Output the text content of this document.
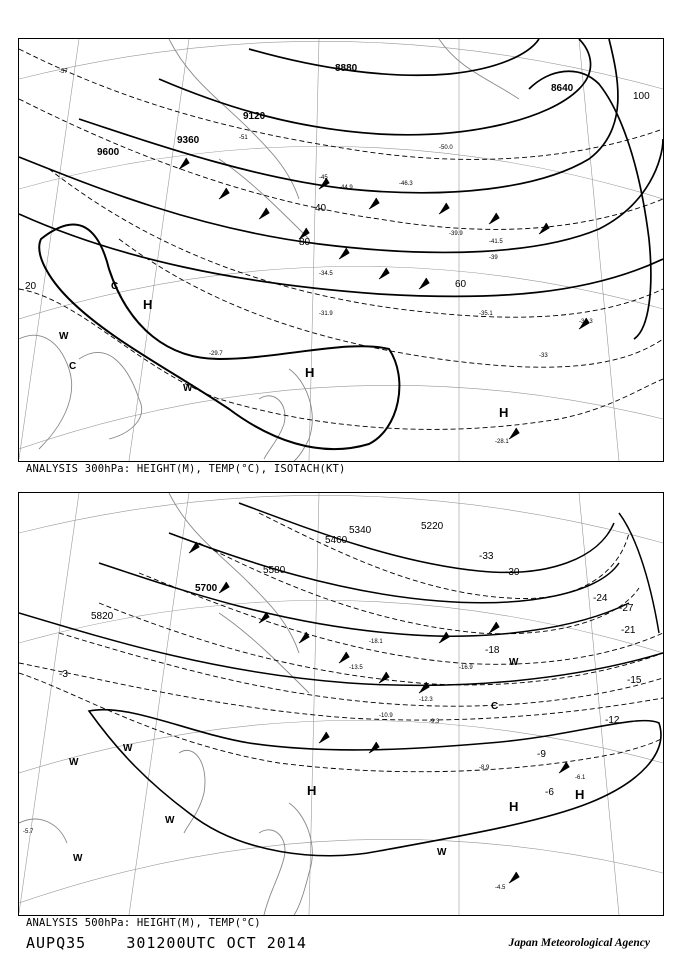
9600
9360
9120
8880
8640
20
40
60
80
100
-57
-51
-45
-39
-33
-34.5
-35.1
-31.9
-29.7
-28.1
-34.3
-39.9
-41.5
-44.9
-46.3
-50.0
H
H
H
C
C
W
W
ANALYSIS 300hPa: HEIGHT(M), TEMP(°C), ISOTACH(KT)
5820
5700
5580
5460
5340	5220
-3
-6
-9
-12
-15
-18
-21
-24
-27
-30
-33
-4.5
-5.7
-8.9
-6.1
-12.3
-13.5
-18.1
-16.9
-9.3
-10.9
H
H
H
C
W
W
W
W
W
W
ANALYSIS 500hPa: HEIGHT(M), TEMP(°C)
AUPQ35	301200UTC OCT 2014	Japan Meteorological Agency
